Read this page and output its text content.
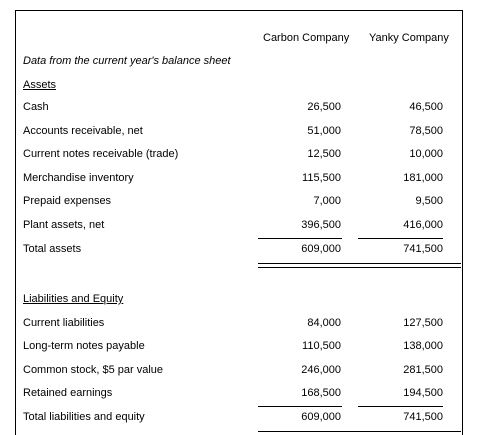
Carbon Company Yanky Company
Data from the current year's balance sheet
Assets
Cash	26,500	46,500
Accounts receivable, net	51,000	78,500
Current notes receivable (trade)	12,500	10,000
Merchandise inventory	115,500	181,000
Prepaid expenses	7,000	9,500
Plant assets, net	396,500	416,000
Total assets	609,000	741,500
Liabilities and Equity
Current liabilities	84,000	127,500
Long-term notes payable	110,500	138,000
Common stock, $5 par value	246,000	281,500
Retained earnings	168,500	194,500
Total liabilities and equity	609,000	741,500
